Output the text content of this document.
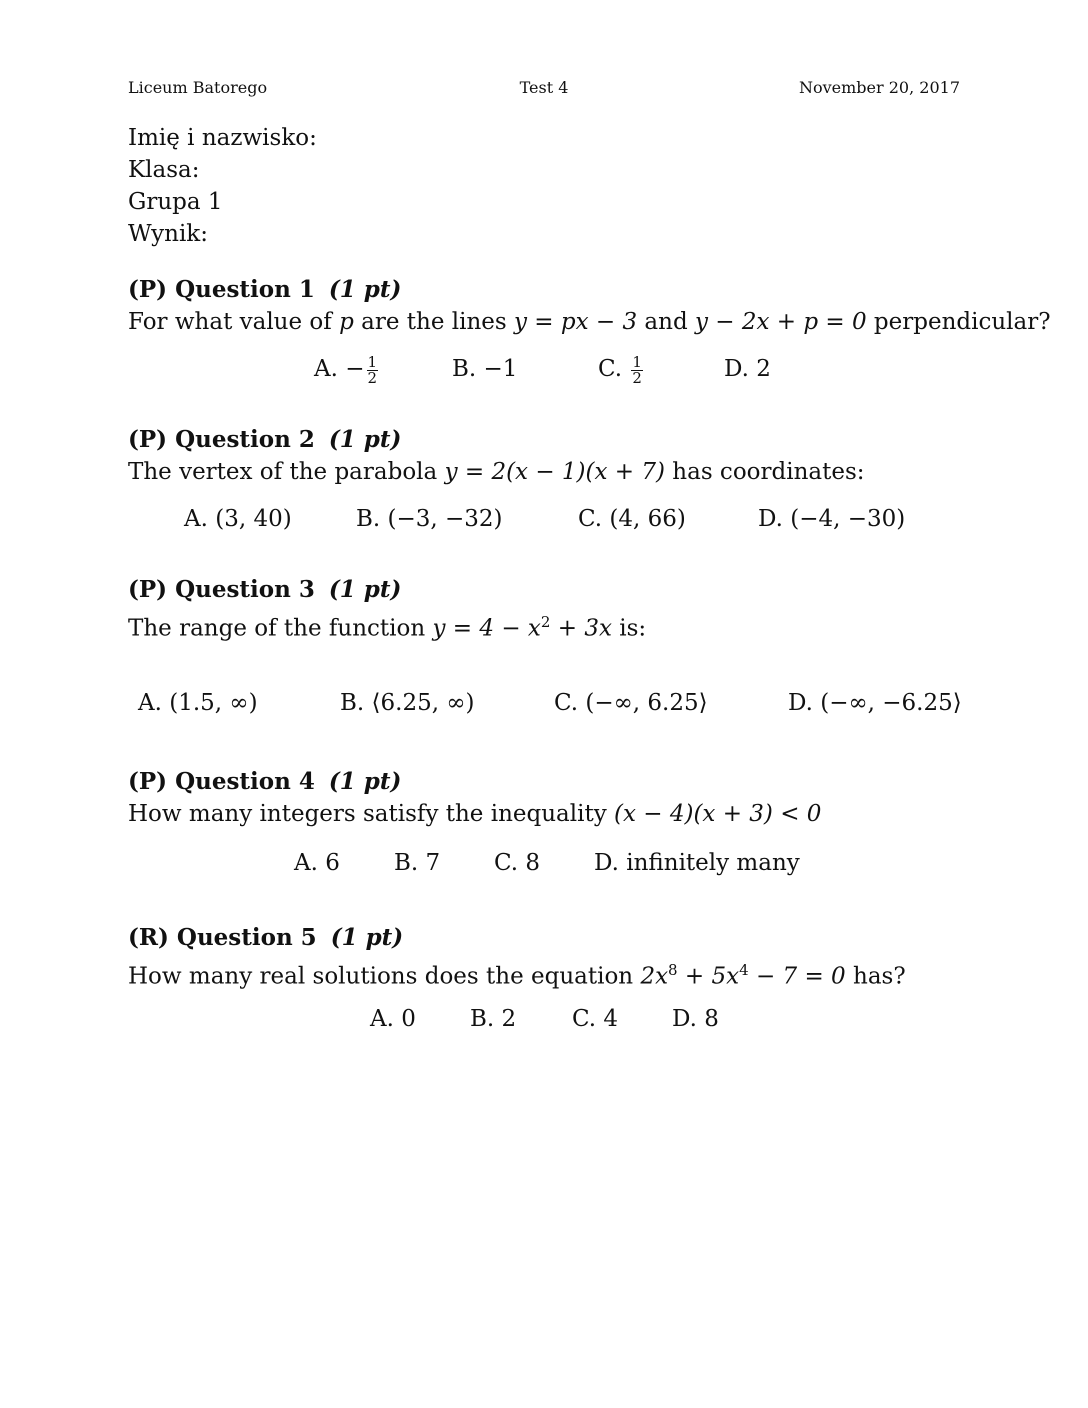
Liceum Batorego	Test 4	November 20, 2017
Imię i nazwisko:
Klasa:
Grupa 1
Wynik:
(P) Question 1 (1 pt)
For what value of p are the lines y = px − 3 and y − 2x + p = 0 perpendicular?
A. − $\frac{1}{2}$	B. −1	C. $\frac{1}{2}$	D. 2
(P) Question 2 (1 pt)
The vertex of the parabola y = 2(x − 1)(x + 7) has coordinates:
A. (3, 40)	B. (−3, −32)	C. (4, 66)	D. (−4, −30)
(P) Question 3 (1 pt)
The range of the function $y = 4 - x^2 + 3x$ is:
A. (1.5, ∞)	B. ⟨6.25, ∞)	C. (−∞, 6.25⟩	D. (−∞, −6.25⟩
(P) Question 4 (1 pt)
How many integers satisfy the inequality (x − 4)(x + 3) < 0
A. 6 B. 7 C. 8 D. infinitely many
(R) Question 5 (1 pt)
How many real solutions does the equation $2x^8 + 5x^4 - 7 = 0$ has?
A. 0 B. 2 C. 4 D. 8
